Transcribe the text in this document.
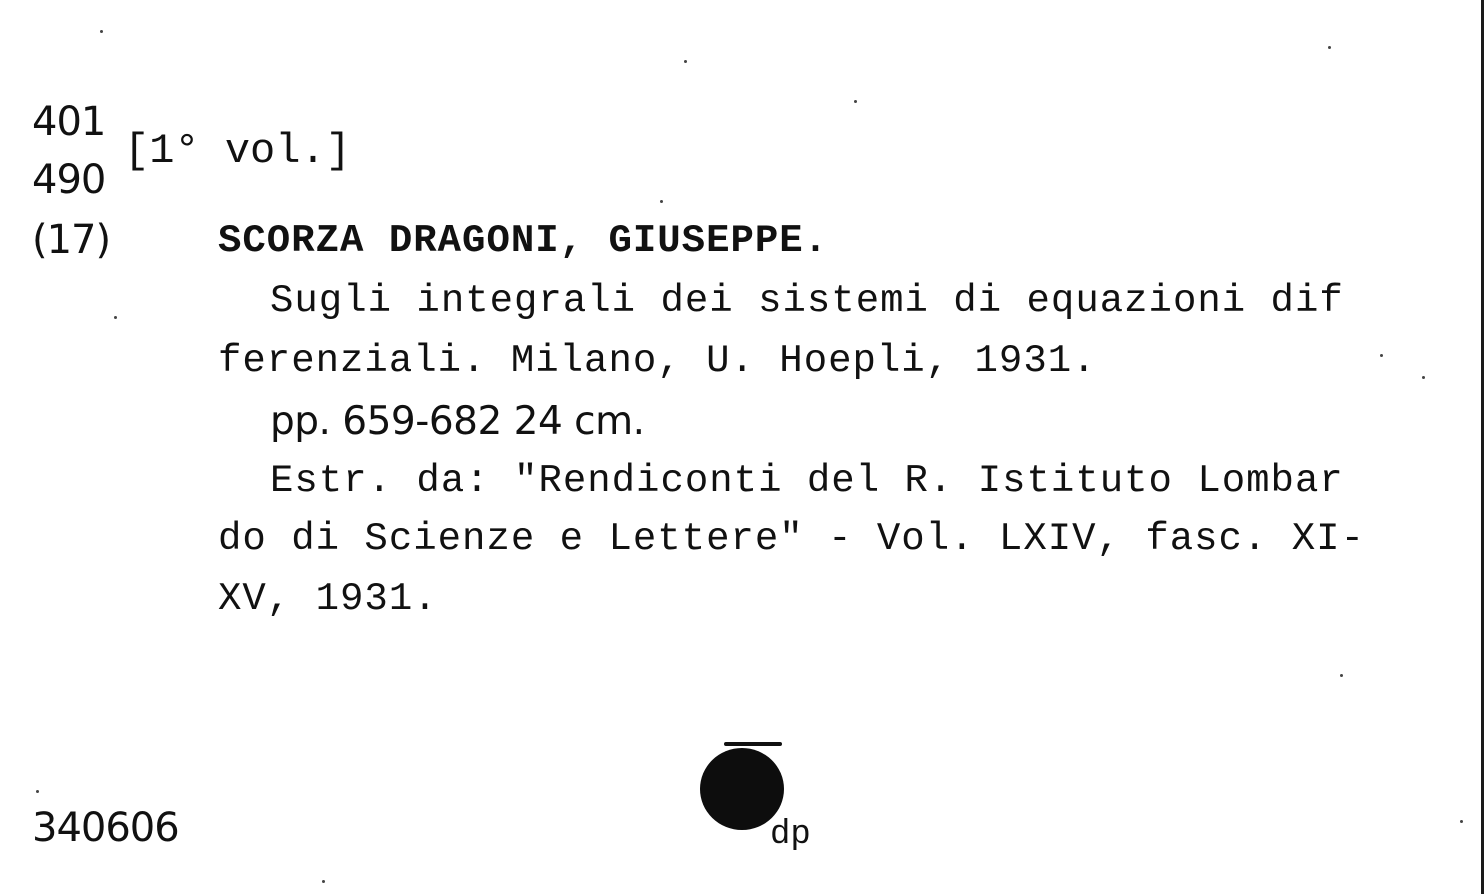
401
490
(17)
[1° vol.]
SCORZA DRAGONI, GIUSEPPE.
Sugli integrali dei sistemi di equazioni dif
ferenziali. Milano, U. Hoepli, 1931.
pp. 659-682 24 cm.
Estr. da: "Rendiconti del R. Istituto Lombar
do di Scienze e Lettere" - Vol. LXIV, fasc. XI-
XV, 1931.
340606	dp
